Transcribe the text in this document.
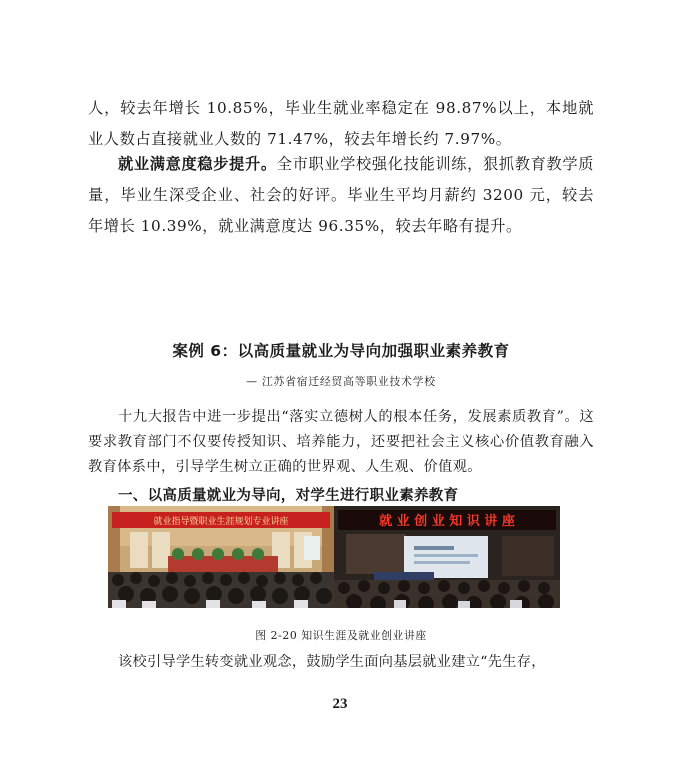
人，较去年增长 10.85%，毕业生就业率稳定在 98.87%以上，本地就业人数占直接就业人数的 71.47%，较去年增长约 7.97%。

就业满意度稳步提升。全市职业学校强化技能训练，狠抓教育教学质量，毕业生深受企业、社会的好评。毕业生平均月薪约 3200 元，较去年增长 10.39%，就业满意度达 96.35%，较去年略有提升。

案例 6：以高质量就业为导向加强职业素养教育
— 江苏省宿迁经贸高等职业技术学校

十九大报告中进一步提出“落实立德树人的根本任务，发展素质教育”。这要求教育部门不仅要传授知识、培养能力，还要把社会主义核心价值教育融入教育体系中，引导学生树立正确的世界观、人生观、价值观。

一、以高质量就业为导向，对学生进行职业素养教育
就业指导暨职业生涯规划专业讲座	就 业 创 业 知 识 讲 座
图 2-20 知识生涯及就业创业讲座

该校引导学生转变就业观念，鼓励学生面向基层就业建立“先生存，

23
